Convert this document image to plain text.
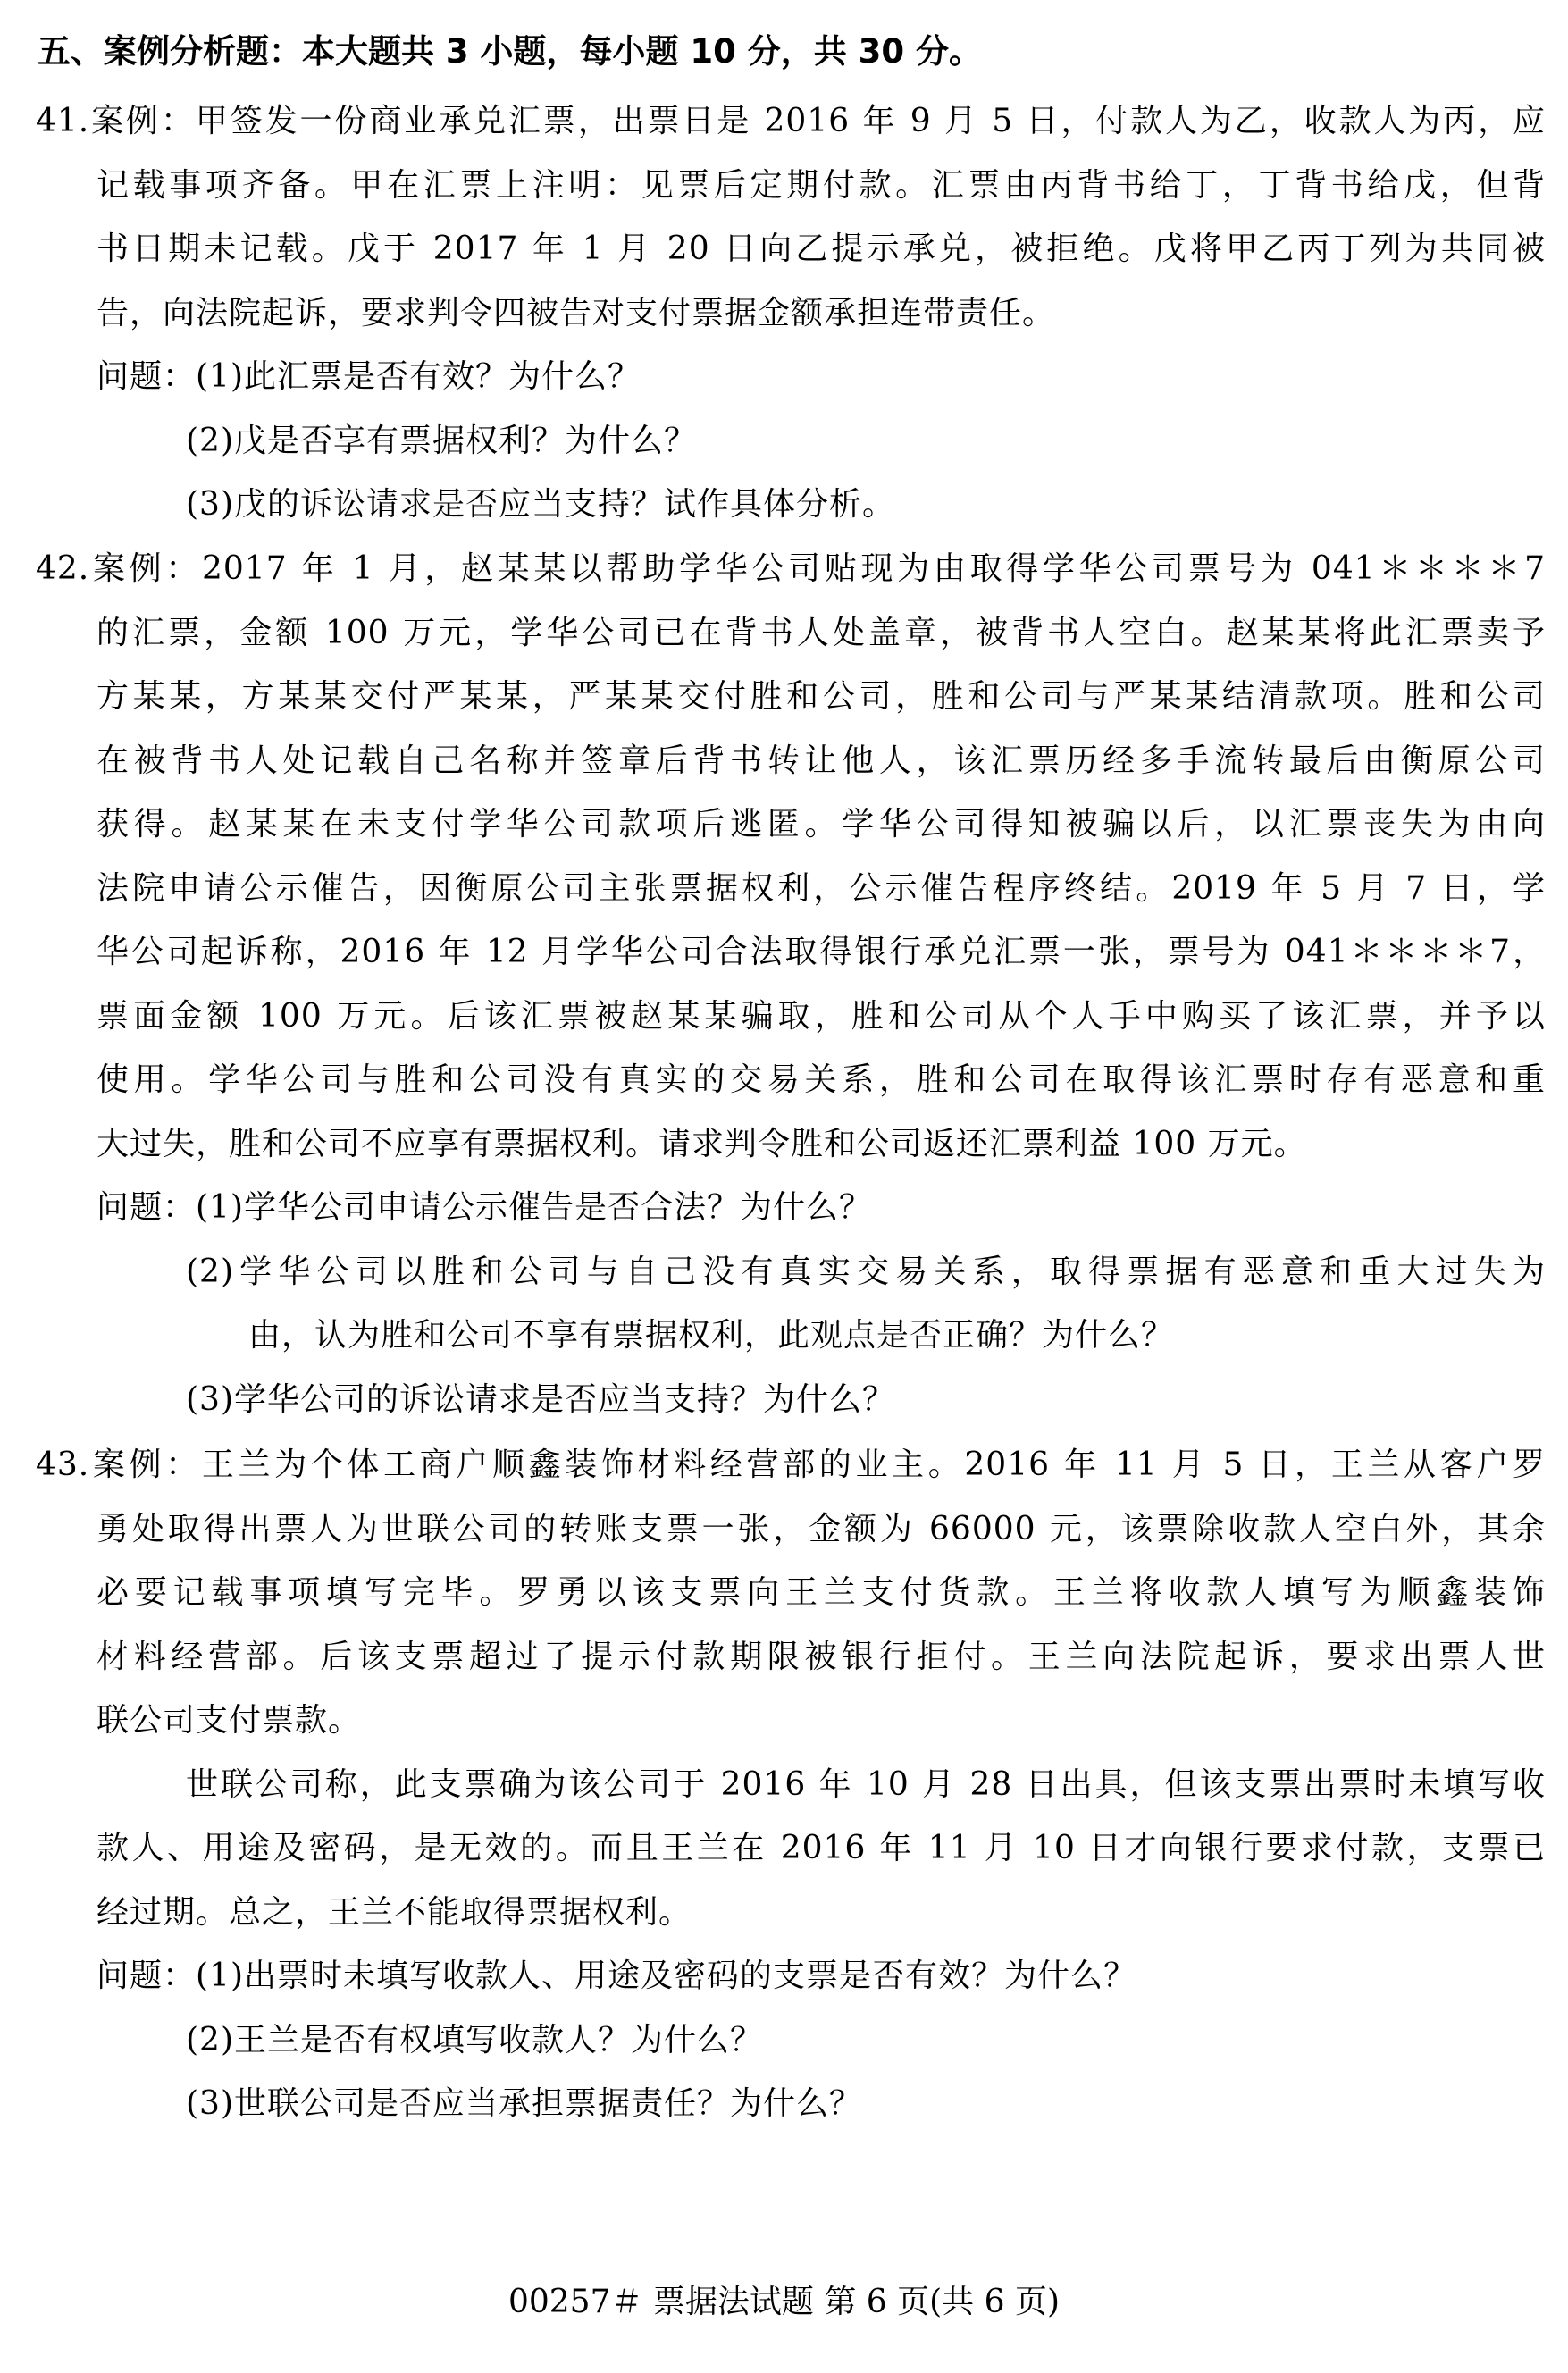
五、案例分析题：本大题共 3 小题，每小题 10 分，共 30 分。
41.案例：甲签发一份商业承兑汇票，出票日是 2016 年 9 月 5 日，付款人为乙，收款人为丙，应
记载事项齐备。甲在汇票上注明：见票后定期付款。汇票由丙背书给丁，丁背书给戊，但背
书日期未记载。戊于 2017 年 1 月 20 日向乙提示承兑，被拒绝。戊将甲乙丙丁列为共同被
告，向法院起诉，要求判令四被告对支付票据金额承担连带责任。
问题：(1)此汇票是否有效？为什么？
(2)戊是否享有票据权利？为什么？
(3)戊的诉讼请求是否应当支持？试作具体分析。
42.案例：2017 年 1 月，赵某某以帮助学华公司贴现为由取得学华公司票号为 041＊＊＊＊7
的汇票，金额 100 万元，学华公司已在背书人处盖章，被背书人空白。赵某某将此汇票卖予
方某某，方某某交付严某某，严某某交付胜和公司，胜和公司与严某某结清款项。胜和公司
在被背书人处记载自己名称并签章后背书转让他人，该汇票历经多手流转最后由衡原公司
获得。赵某某在未支付学华公司款项后逃匿。学华公司得知被骗以后，以汇票丧失为由向
法院申请公示催告，因衡原公司主张票据权利，公示催告程序终结。2019 年 5 月 7 日，学
华公司起诉称，2016 年 12 月学华公司合法取得银行承兑汇票一张，票号为 041＊＊＊＊7，
票面金额 100 万元。后该汇票被赵某某骗取，胜和公司从个人手中购买了该汇票，并予以
使用。学华公司与胜和公司没有真实的交易关系，胜和公司在取得该汇票时存有恶意和重
大过失，胜和公司不应享有票据权利。请求判令胜和公司返还汇票利益 100 万元。
问题：(1)学华公司申请公示催告是否合法？为什么？
(2)学华公司以胜和公司与自己没有真实交易关系，取得票据有恶意和重大过失为
由，认为胜和公司不享有票据权利，此观点是否正确？为什么？
(3)学华公司的诉讼请求是否应当支持？为什么？
43.案例：王兰为个体工商户顺鑫装饰材料经营部的业主。2016 年 11 月 5 日，王兰从客户罗
勇处取得出票人为世联公司的转账支票一张，金额为 66000 元，该票除收款人空白外，其余
必要记载事项填写完毕。罗勇以该支票向王兰支付货款。王兰将收款人填写为顺鑫装饰
材料经营部。后该支票超过了提示付款期限被银行拒付。王兰向法院起诉，要求出票人世
联公司支付票款。
世联公司称，此支票确为该公司于 2016 年 10 月 28 日出具，但该支票出票时未填写收
款人、用途及密码，是无效的。而且王兰在 2016 年 11 月 10 日才向银行要求付款，支票已
经过期。总之，王兰不能取得票据权利。
问题：(1)出票时未填写收款人、用途及密码的支票是否有效？为什么？
(2)王兰是否有权填写收款人？为什么？
(3)世联公司是否应当承担票据责任？为什么？
00257＃ 票据法试题 第 6 页(共 6 页)
